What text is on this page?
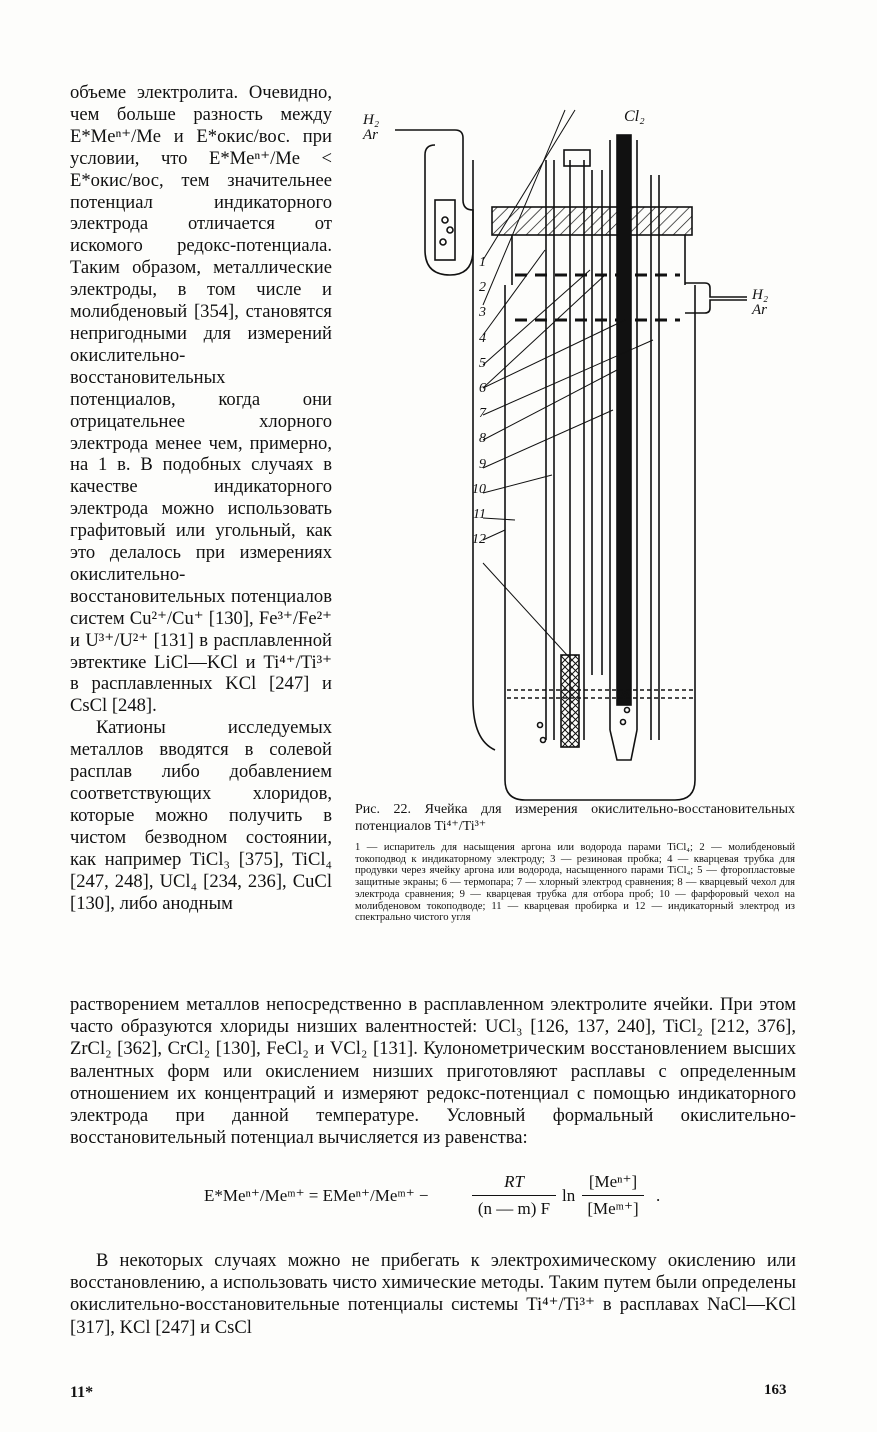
объеме электролита. Очевидно, чем больше разность между E*Meⁿ⁺/Me и E*окис/вос. при условии, что E*Meⁿ⁺/Me < E*окис/вос, тем значительнее потенциал индикаторного электрода отличается от искомого редокс-потенциала. Таким образом, металлические электроды, в том числе и молибденовый [354], становятся непригодными для измерений окислительно-восстановительных потенциалов, когда они отрицательнее хлорного электрода менее чем, примерно, на 1 в. В подобных случаях в качестве индикаторного электрода можно использовать графитовый или угольный, как это делалось при измерениях окислительно-восстановительных потенциалов систем Cu²⁺/Cu⁺ [130], Fe³⁺/Fe²⁺ и U³⁺/U²⁺ [131] в расплавленной эвтектике LiCl—KCl и Ti⁴⁺/Ti³⁺ в расплавленных KCl [247] и CsCl [248].

Катионы исследуемых металлов вводятся в солевой расплав либо добавлением соответствующих хлоридов, которые можно получить в чистом безводном состоянии, как например TiCl₃ [375], TiCl₄ [247, 248], UCl₄ [234, 236], CuCl [130], либо анодным

H₂
Ar
Cl₂
H₂
Ar
1
2
3
4
5
6
7
8
9
10
11
12
Рис. 22. Ячейка для измерения окислительно-восстановительных потенциалов Ti⁴⁺/Ti³⁺
1 — испаритель для насыщения аргона или водорода парами TiCl₄; 2 — молибденовый токоподвод к индикаторному электроду; 3 — резиновая пробка; 4 — кварцевая трубка для продувки через ячейку аргона или водорода, насыщенного парами TiCl₄; 5 — фторопластовые защитные экраны; 6 — термопара; 7 — хлорный электрод сравнения; 8 — кварцевый чехол для электрода сравнения; 9 — кварцевая трубка для отбора проб; 10 — фарфоровый чехол на молибденовом токоподводе; 11 — кварцевая пробирка и 12 — индикаторный электрод из спектрально чистого угля

растворением металлов непосредственно в расплавленном электролите ячейки. При этом часто образуются хлориды низших валентностей: UCl₃ [126, 137, 240], TiCl₂ [212, 376], ZrCl₂ [362], CrCl₂ [130], FeCl₂ и VCl₂ [131]. Кулонометрическим восстановлением высших валентных форм или окислением низших приготовляют расплавы с определенным отношением их концентраций и измеряют редокс-потенциал с помощью индикаторного электрода при данной температуре. Условный формальный окислительно-восстановительный потенциал вычисляется из равенства:

E*Meⁿ⁺/Meᵐ⁺ = EMeⁿ⁺/Meᵐ⁺ −
RT
(n — m) F
ln
[Meⁿ⁺]
[Meᵐ⁺]
.

В некоторых случаях можно не прибегать к электрохимическому окислению или восстановлению, а использовать чисто химические методы. Таким путем были определены окислительно-восстановительные потенциалы системы Ti⁴⁺/Ti³⁺ в расплавах NaCl—KCl [317], KCl [247] и CsCl

11*	163
